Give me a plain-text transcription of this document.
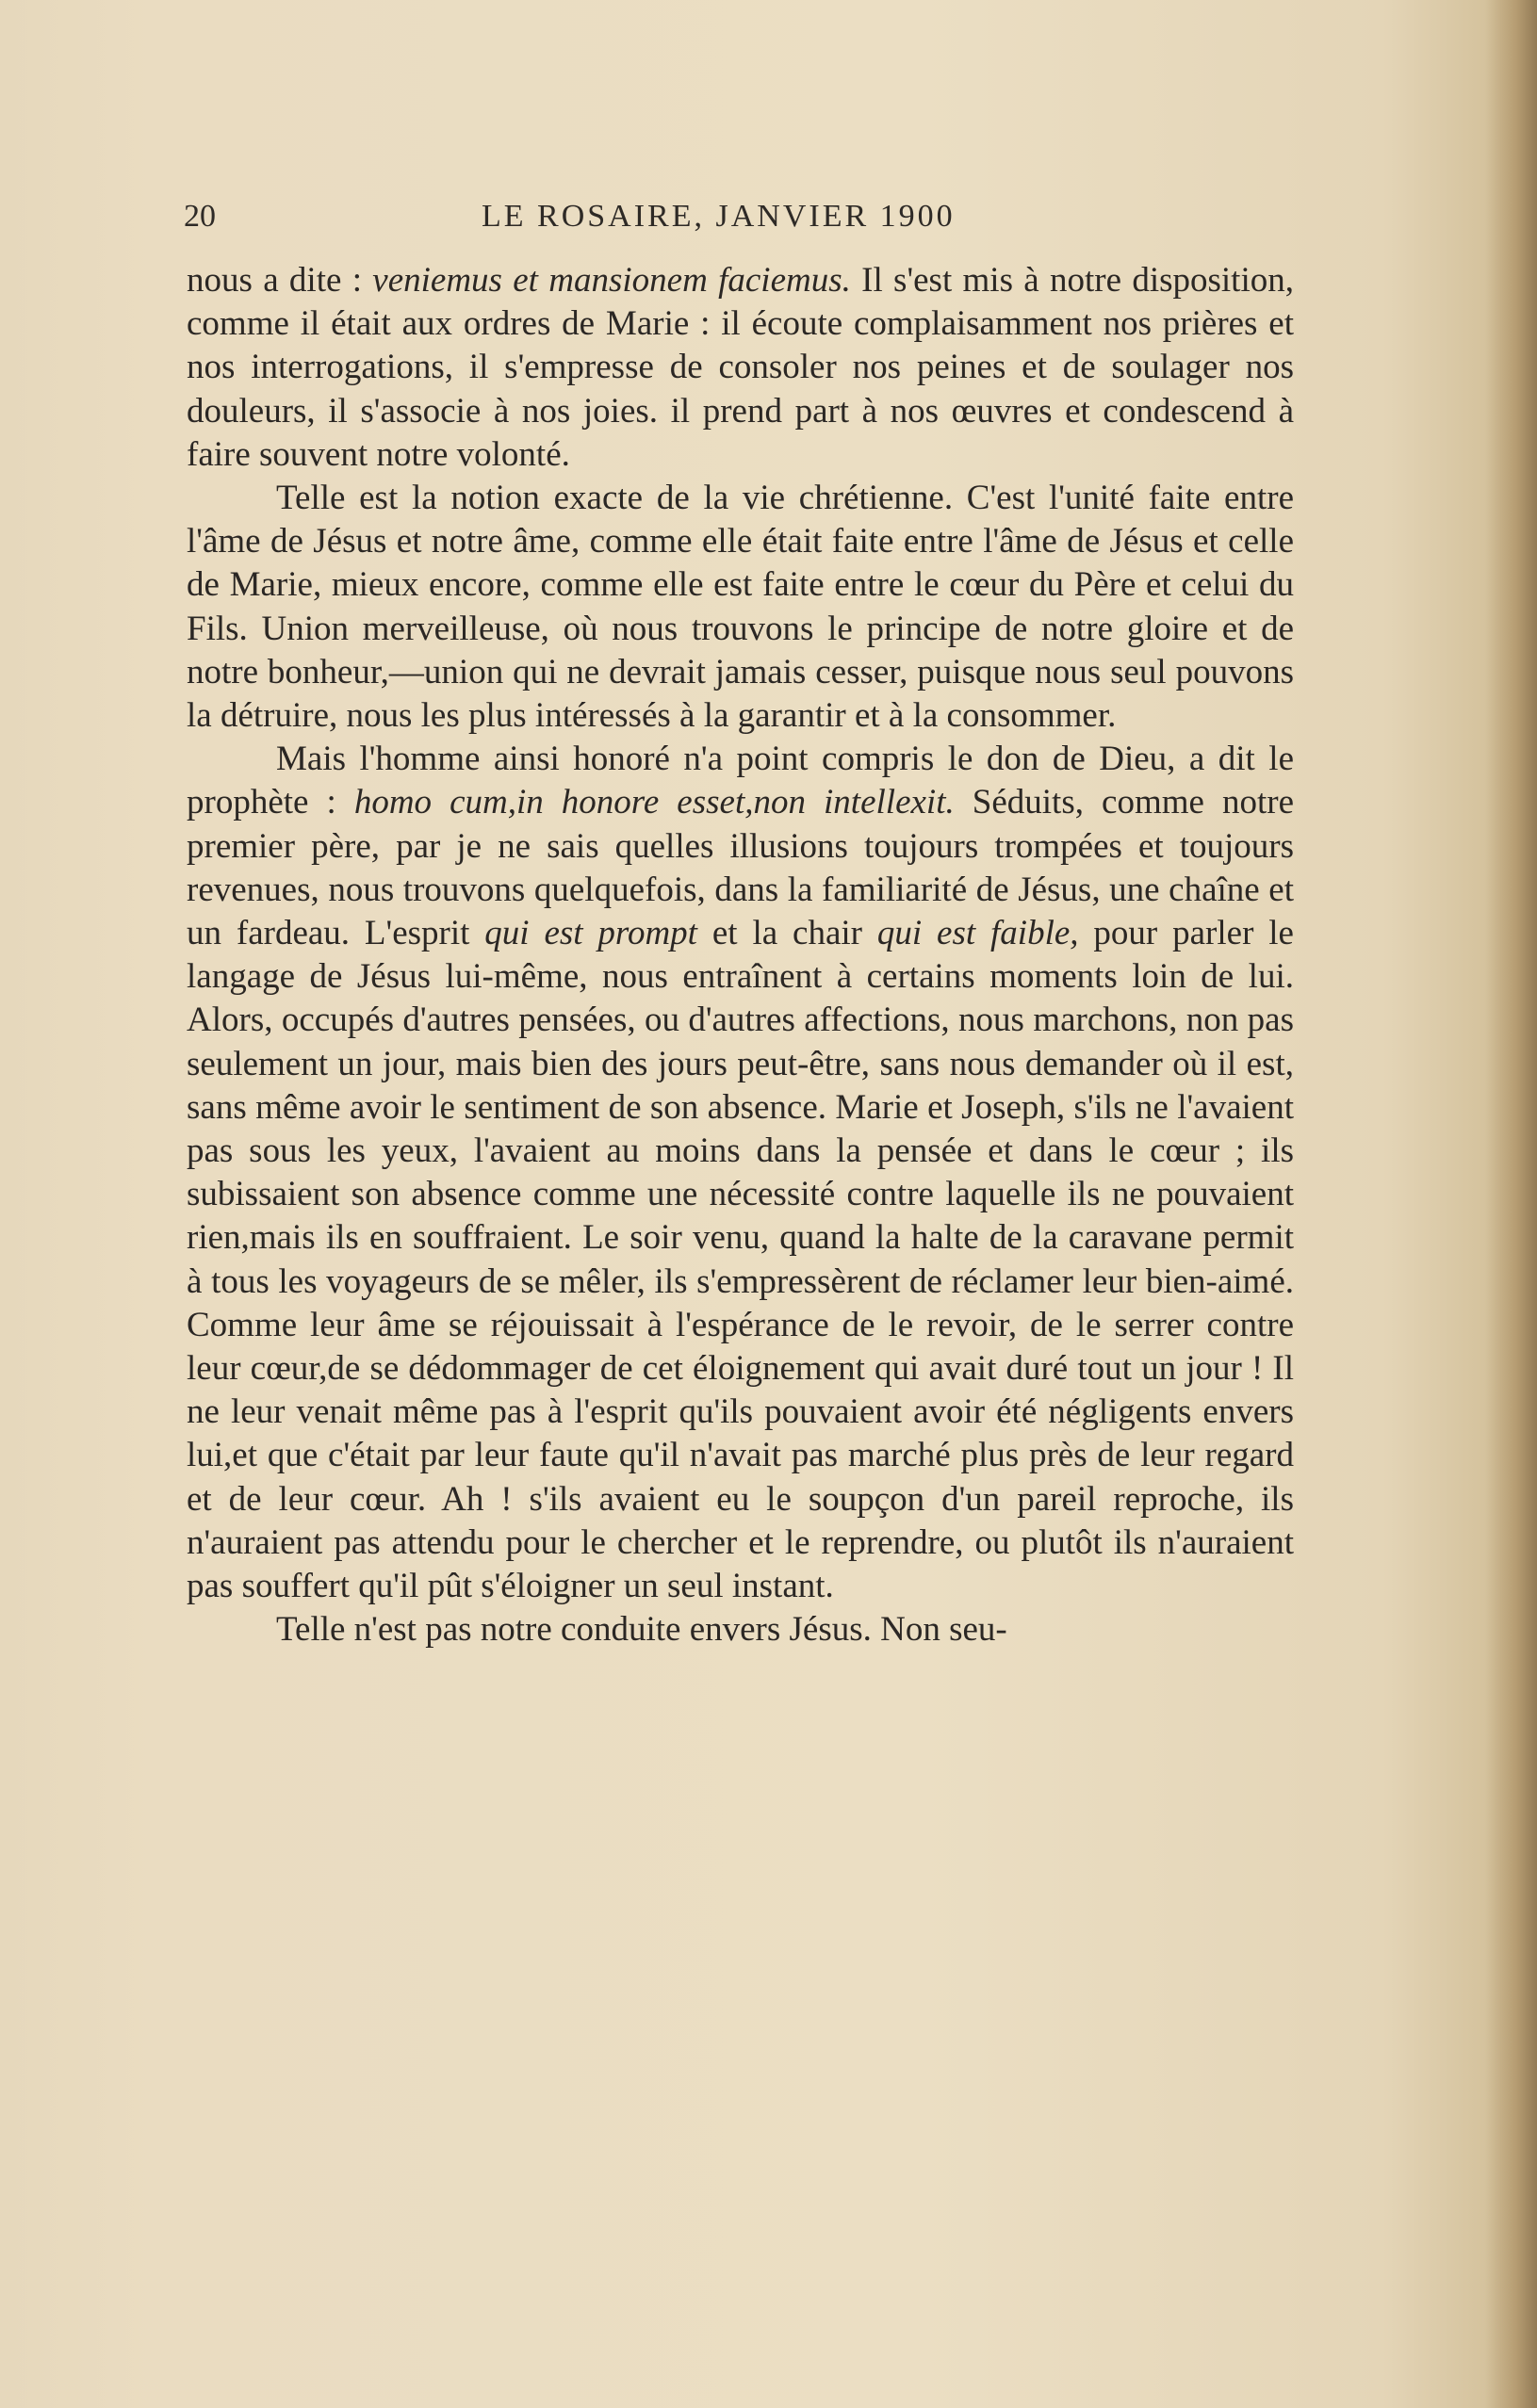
20	LE ROSAIRE, JANVIER 1900

nous a dite : veniemus et mansionem faciemus. Il s'est mis à notre disposition, comme il était aux ordres de Marie : il écoute complaisamment nos prières et nos interrogations, il s'empresse de consoler nos peines et de soulager nos douleurs, il s'associe à nos joies. il prend part à nos œuvres et condescend à faire souvent notre volonté.

Telle est la notion exacte de la vie chrétienne. C'est l'unité faite entre l'âme de Jésus et notre âme, comme elle était faite entre l'âme de Jésus et celle de Marie, mieux encore, comme elle est faite entre le cœur du Père et celui du Fils. Union merveilleuse, où nous trouvons le principe de notre gloire et de notre bonheur,—union qui ne devrait jamais cesser, puisque nous seul pouvons la détruire, nous les plus intéressés à la garantir et à la consommer.

Mais l'homme ainsi honoré n'a point compris le don de Dieu, a dit le prophète : homo cum,in honore esset,non intellexit. Séduits, comme notre premier père, par je ne sais quelles illusions toujours trompées et toujours revenues, nous trouvons quelquefois, dans la familiarité de Jésus, une chaîne et un fardeau. L'esprit qui est prompt et la chair qui est faible, pour parler le langage de Jésus lui-même, nous entraînent à certains moments loin de lui. Alors, occupés d'autres pensées, ou d'autres affections, nous marchons, non pas seulement un jour, mais bien des jours peut-être, sans nous demander où il est, sans même avoir le sentiment de son absence. Marie et Joseph, s'ils ne l'avaient pas sous les yeux, l'avaient au moins dans la pensée et dans le cœur ; ils subissaient son absence comme une nécessité contre laquelle ils ne pouvaient rien,mais ils en souffraient. Le soir venu, quand la halte de la caravane permit à tous les voyageurs de se mêler, ils s'empressèrent de réclamer leur bien-aimé. Comme leur âme se réjouissait à l'espérance de le revoir, de le serrer contre leur cœur,de se dédommager de cet éloignement qui avait duré tout un jour ! Il ne leur venait même pas à l'esprit qu'ils pouvaient avoir été négligents envers lui,et que c'était par leur faute qu'il n'avait pas marché plus près de leur regard et de leur cœur. Ah ! s'ils avaient eu le soupçon d'un pareil reproche, ils n'auraient pas attendu pour le chercher et le reprendre, ou plutôt ils n'auraient pas souffert qu'il pût s'éloigner un seul instant.

Telle n'est pas notre conduite envers Jésus. Non seu-
